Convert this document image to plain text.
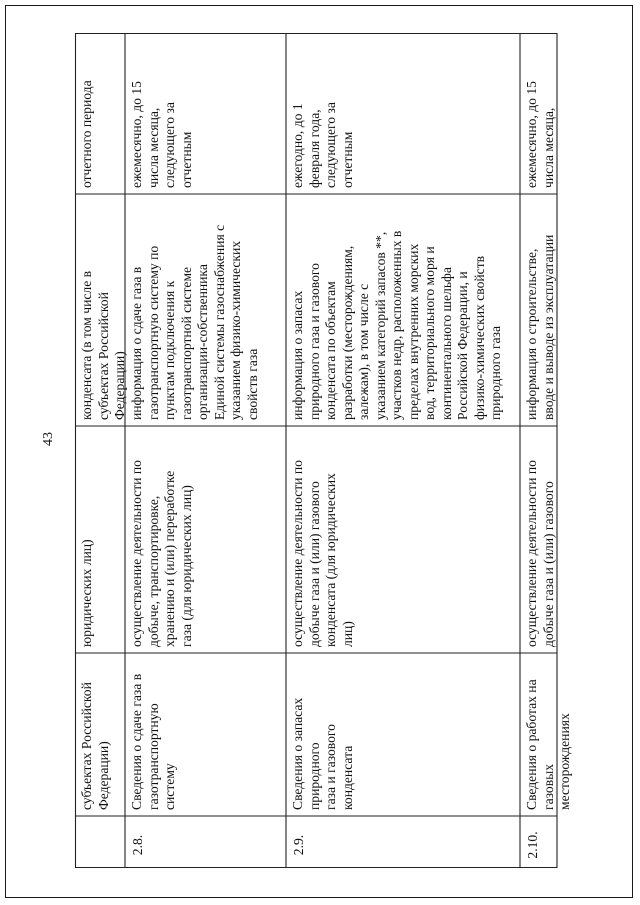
43
субъектах Российской
Федерации)
юридических лиц)
конденсата (в том числе в
субъектах Российской
Федерации)
отчетного периода
2.8.
Сведения о сдаче газа в
газотранспортную систему
осуществление деятельности по
добыче, транспортировке,
хранению и (или) переработке
газа (для юридических лиц)
информация о сдаче газа в
газотранспортную систему по
пунктам подключения к
газотранспортной системе
организации-собственника
Единой системы газоснабжения с
указанием физико-химических
свойств газа
ежемесячно, до 15
числа месяца,
следующего за
отчетным
2.9.
Сведения о запасах природного
газа и газового конденсата
осуществление деятельности по
добыче газа и (или) газового
конденсата (для юридических
лиц)
информация о запасах
природного газа и газового
конденсата по объектам
разработки (месторождениям,
залежам), в том числе с
указанием категорий запасов **,
участков недр, расположенных в
пределах внутренних морских
вод, территориального моря и
континентального шельфа
Российской Федерации, и
физико-химических свойств
природного газа
ежегодно, до 1
февраля года,
следующего за
отчетным
2.10.
Сведения о работах на газовых
месторождениях
осуществление деятельности по
добыче газа и (или) газового
информация о строительстве,
вводе и выводе из эксплуатации
ежемесячно, до 15
числа месяца,
